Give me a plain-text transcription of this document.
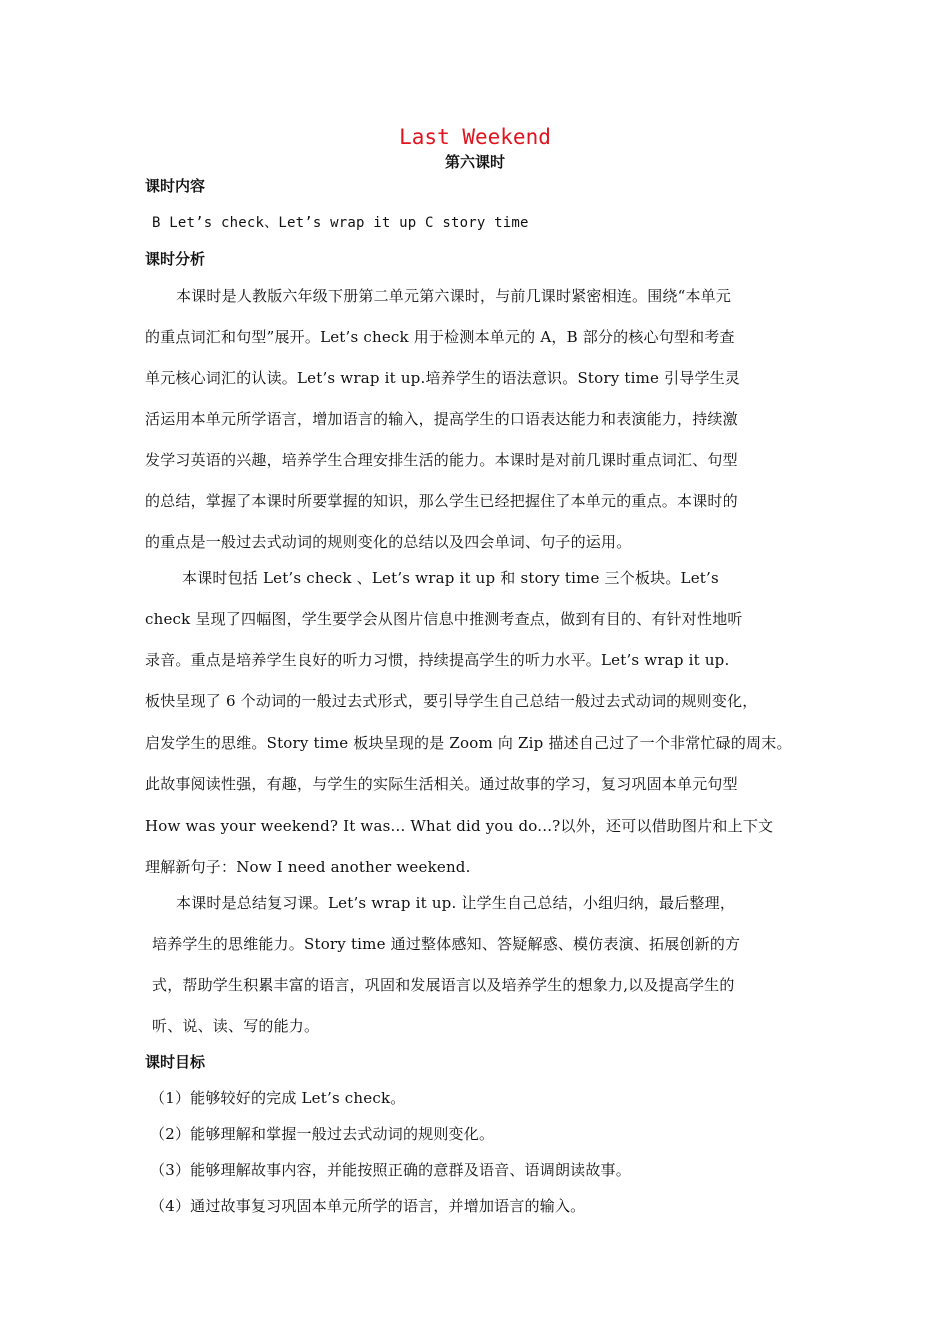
Last Weekend
第六课时
课时内容
B Let’s check、Let’s wrap it up C story time
课时分析
本课时是人教版六年级下册第二单元第六课时，与前几课时紧密相连。围绕“本单元
的重点词汇和句型”展开。Let’s check 用于检测本单元的 A，B 部分的核心句型和考查
单元核心词汇的认读。Let’s wrap it up.培养学生的语法意识。Story time 引导学生灵
活运用本单元所学语言，增加语言的输入，提高学生的口语表达能力和表演能力，持续激
发学习英语的兴趣，培养学生合理安排生活的能力。本课时是对前几课时重点词汇、句型
的总结，掌握了本课时所要掌握的知识，那么学生已经把握住了本单元的重点。本课时的
的重点是一般过去式动词的规则变化的总结以及四会单词、句子的运用。
本课时包括 Let’s check 、Let’s wrap it up 和 story time 三个板块。Let’s
check 呈现了四幅图，学生要学会从图片信息中推测考查点，做到有目的、有针对性地听
录音。重点是培养学生良好的听力习惯，持续提高学生的听力水平。Let’s wrap it up.
板快呈现了 6 个动词的一般过去式形式，要引导学生自己总结一般过去式动词的规则变化，
启发学生的思维。Story time 板块呈现的是 Zoom 向 Zip 描述自己过了一个非常忙碌的周末。
此故事阅读性强，有趣，与学生的实际生活相关。通过故事的学习，复习巩固本单元句型
How was your weekend? It was... What did you do...?以外，还可以借助图片和上下文
理解新句子：Now I need another weekend.
本课时是总结复习课。Let’s wrap it up. 让学生自己总结，小组归纳，最后整理，
培养学生的思维能力。Story time 通过整体感知、答疑解惑、模仿表演、拓展创新的方
式，帮助学生积累丰富的语言，巩固和发展语言以及培养学生的想象力,以及提高学生的
听、说、读、写的能力。
课时目标
（1）能够较好的完成 Let’s check。
（2）能够理解和掌握一般过去式动词的规则变化。
（3）能够理解故事内容，并能按照正确的意群及语音、语调朗读故事。
（4）通过故事复习巩固本单元所学的语言，并增加语言的输入。
